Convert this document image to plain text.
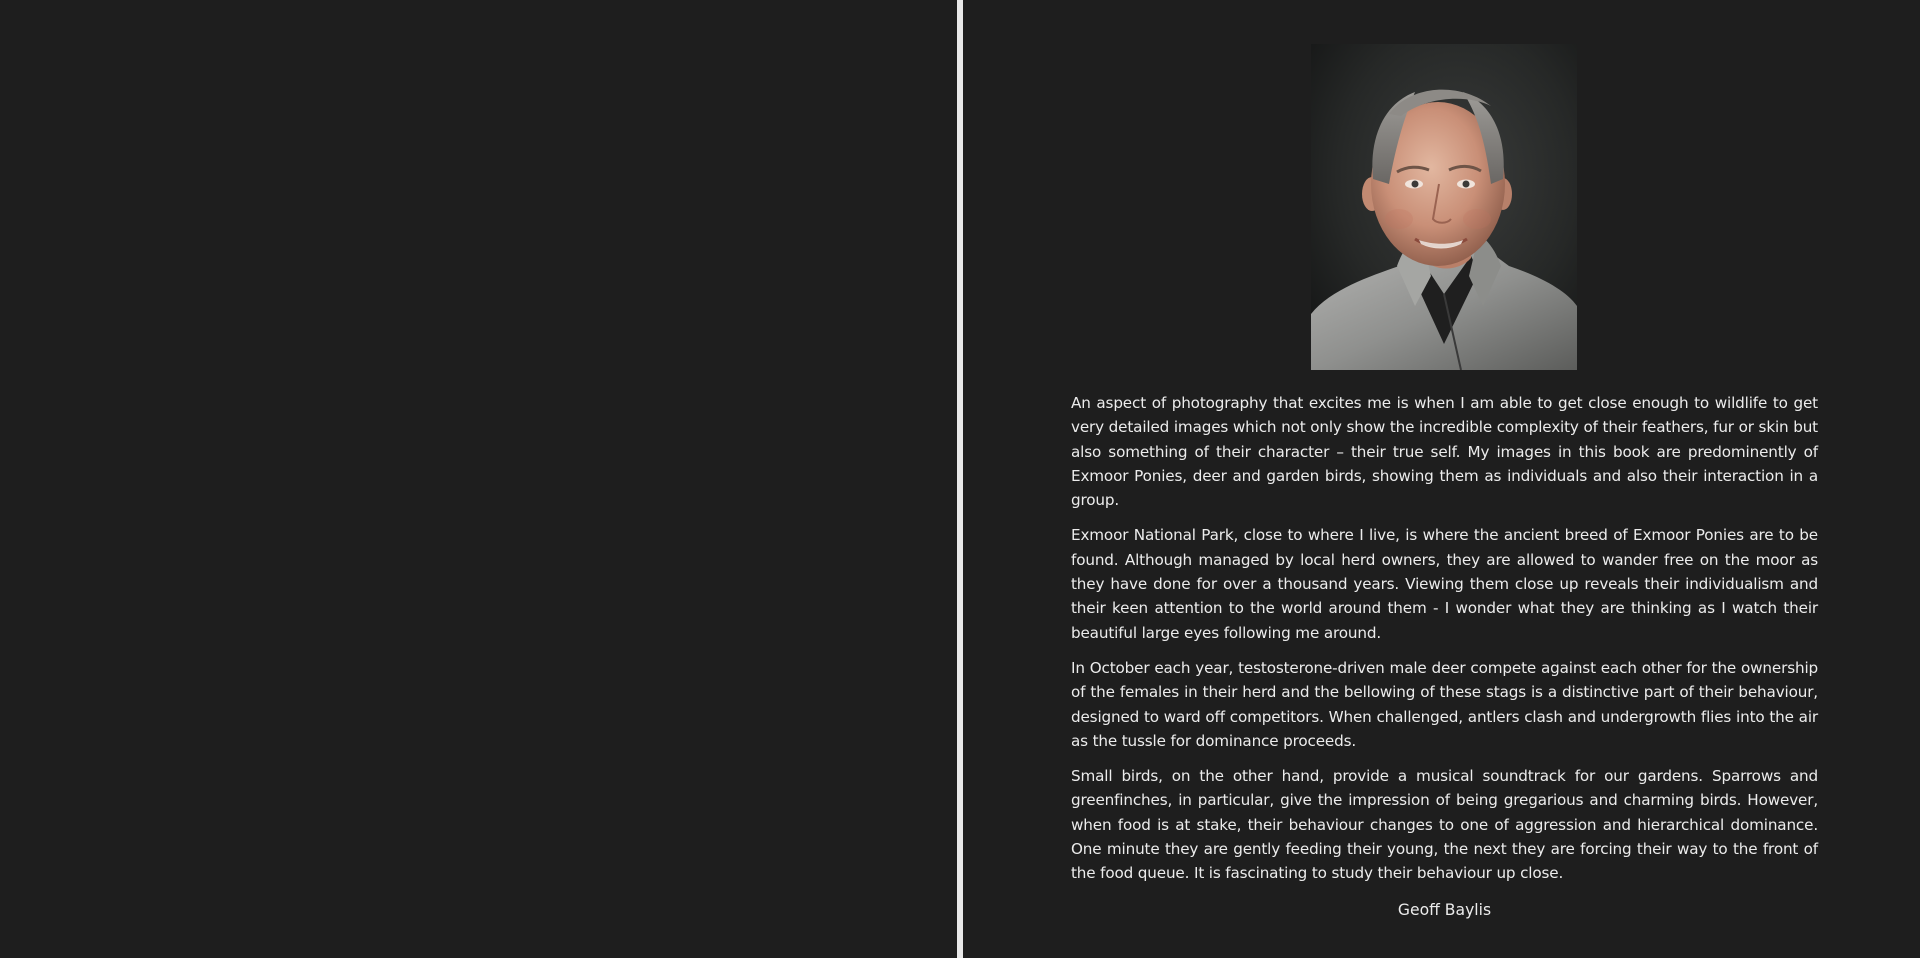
An aspect of photography that excites me is when I am able to get close enough to wildlife to get very detailed images which not only show the incredible complexity of their feathers, fur or skin but also something of their character – their true self. My images in this book are predominently of Exmoor Ponies, deer and garden birds, showing them as individuals and also their interaction in a group.

Exmoor National Park, close to where I live, is where the ancient breed of Exmoor Ponies are to be found. Although managed by local herd owners, they are allowed to wander free on the moor as they have done for over a thousand years. Viewing them close up reveals their individualism and their keen attention to the world around them - I wonder what they are thinking as I watch their beautiful large eyes following me around.

In October each year, testosterone-driven male deer compete against each other for the ownership of the females in their herd and the bellowing of these stags is a distinctive part of their behaviour, designed to ward off competitors. When challenged, antlers clash and undergrowth flies into the air as the tussle for dominance proceeds.

Small birds, on the other hand, provide a musical soundtrack for our gardens. Sparrows and greenfinches, in particular, give the impression of being gregarious and charming birds. However, when food is at stake, their behaviour changes to one of aggression and hierarchical dominance. One minute they are gently feeding their young, the next they are forcing their way to the front of the food queue. It is fascinating to study their behaviour up close.

Geoff Baylis
